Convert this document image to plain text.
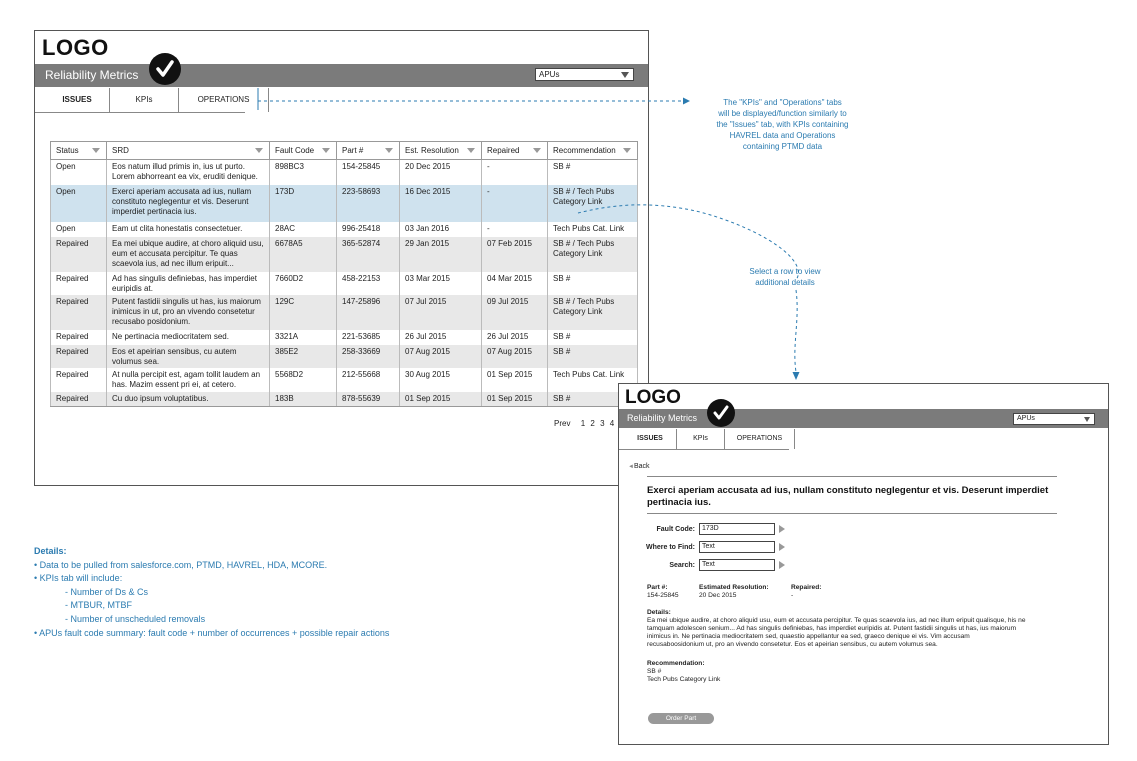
LOGO
Reliability Metrics	APUs
ISSUES	KPIs	OPERATIONS
Status	SRD	Fault Code	Part #	Est. Resolution	Repaired	Recommendation

Open	Eos natum illud primis in, ius ut purto. Lorem abhorreant ea vix, eruditi denique.	898BC3	154-25845	20 Dec 2015	-	SB #
Open	Exerci aperiam accusata ad ius, nullam constituto neglegentur et vis. Deserunt imperdiet pertinacia ius.	173D	223-58693	16 Dec 2015	-	SB # / Tech Pubs Category Link
Open	Eam ut clita honestatis consectetuer.	28AC	996-25418	03 Jan 2016	-	Tech Pubs Cat. Link
Repaired	Ea mei ubique audire, at choro aliquid usu, eum et accusata percipitur. Te quas scaevola ius, ad nec illum eripuit...	6678A5	365-52874	29 Jan 2015	07 Feb 2015	SB # / Tech Pubs Category Link
Repaired	Ad has singulis definiebas, has imperdiet euripidis at.	7660D2	458-22153	03 Mar 2015	04 Mar 2015	SB #
Repaired	Putent fastidii singulis ut has, ius maiorum inimicus in ut, pro an vivendo consetetur recusabo posidonium.	129C	147-25896	07 Jul 2015	09 Jul 2015	SB # / Tech Pubs Category Link
Repaired	Ne pertinacia mediocritatem sed.	3321A	221-53685	26 Jul 2015	26 Jul 2015	SB #
Repaired	Eos et apeirian sensibus, cu autem volumus sea.	385E2	258-33669	07 Aug 2015	07 Aug 2015	SB #
Repaired	At nulla percipit est, agam tollit laudem an has. Mazim essent pri ei, at cetero.	5568D2	212-55668	30 Aug 2015	01 Sep 2015	Tech Pubs Cat. Link
Repaired	Cu duo ipsum voluptatibus.	183B	878-55639	01 Sep 2015	01 Sep 2015	SB #
Prev 1 2 3 4
The "KPIs" and "Operations" tabs
will be displayed/function similarly to
the "Issues" tab, with KPIs containing
HAVREL data and Operations
containing PTMD data
Select a row to view
additional details
Details:
• Data to be pulled from salesforce.com, PTMD, HAVREL, HDA, MCORE.
• KPIs tab will include:
- Number of Ds & Cs
- MTBUR, MTBF
- Number of unscheduled removals
• APUs fault code summary: fault code + number of occurrences + possible repair actions
LOGO
Reliability Metrics	APUs
ISSUES	KPIs	OPERATIONS
◄ Back
Exerci aperiam accusata ad ius, nullam constituto neglegentur et vis. Deserunt imperdiet pertinacia ius.
Fault Code:	173D
Where to Find:	Text
Search:	Text
Part #:
154-25845
Estimated Resolution:
20 Dec 2015
Repaired:
-
Details:
Ea mei ubique audire, at choro aliquid usu, eum et accusata percipitur. Te quas scaevola ius, ad nec illum eripuit qualisque, his ne tamquam adolescen senium... Ad has singulis definiebas, has imperdiet euripidis at. Putent fastidii singulis ut has, ius maiorum inimicus in. Ne pertinacia mediocritatem sed, quaestio appellantur ea sed, graeco denique ei vis. Vim accusam recusaboosidonium ut, pro an vivendo consetetur. Eos et apeirian sensibus, cu autem volumus sea.
Recommendation:
SB #
Tech Pubs Category Link
Order Part
